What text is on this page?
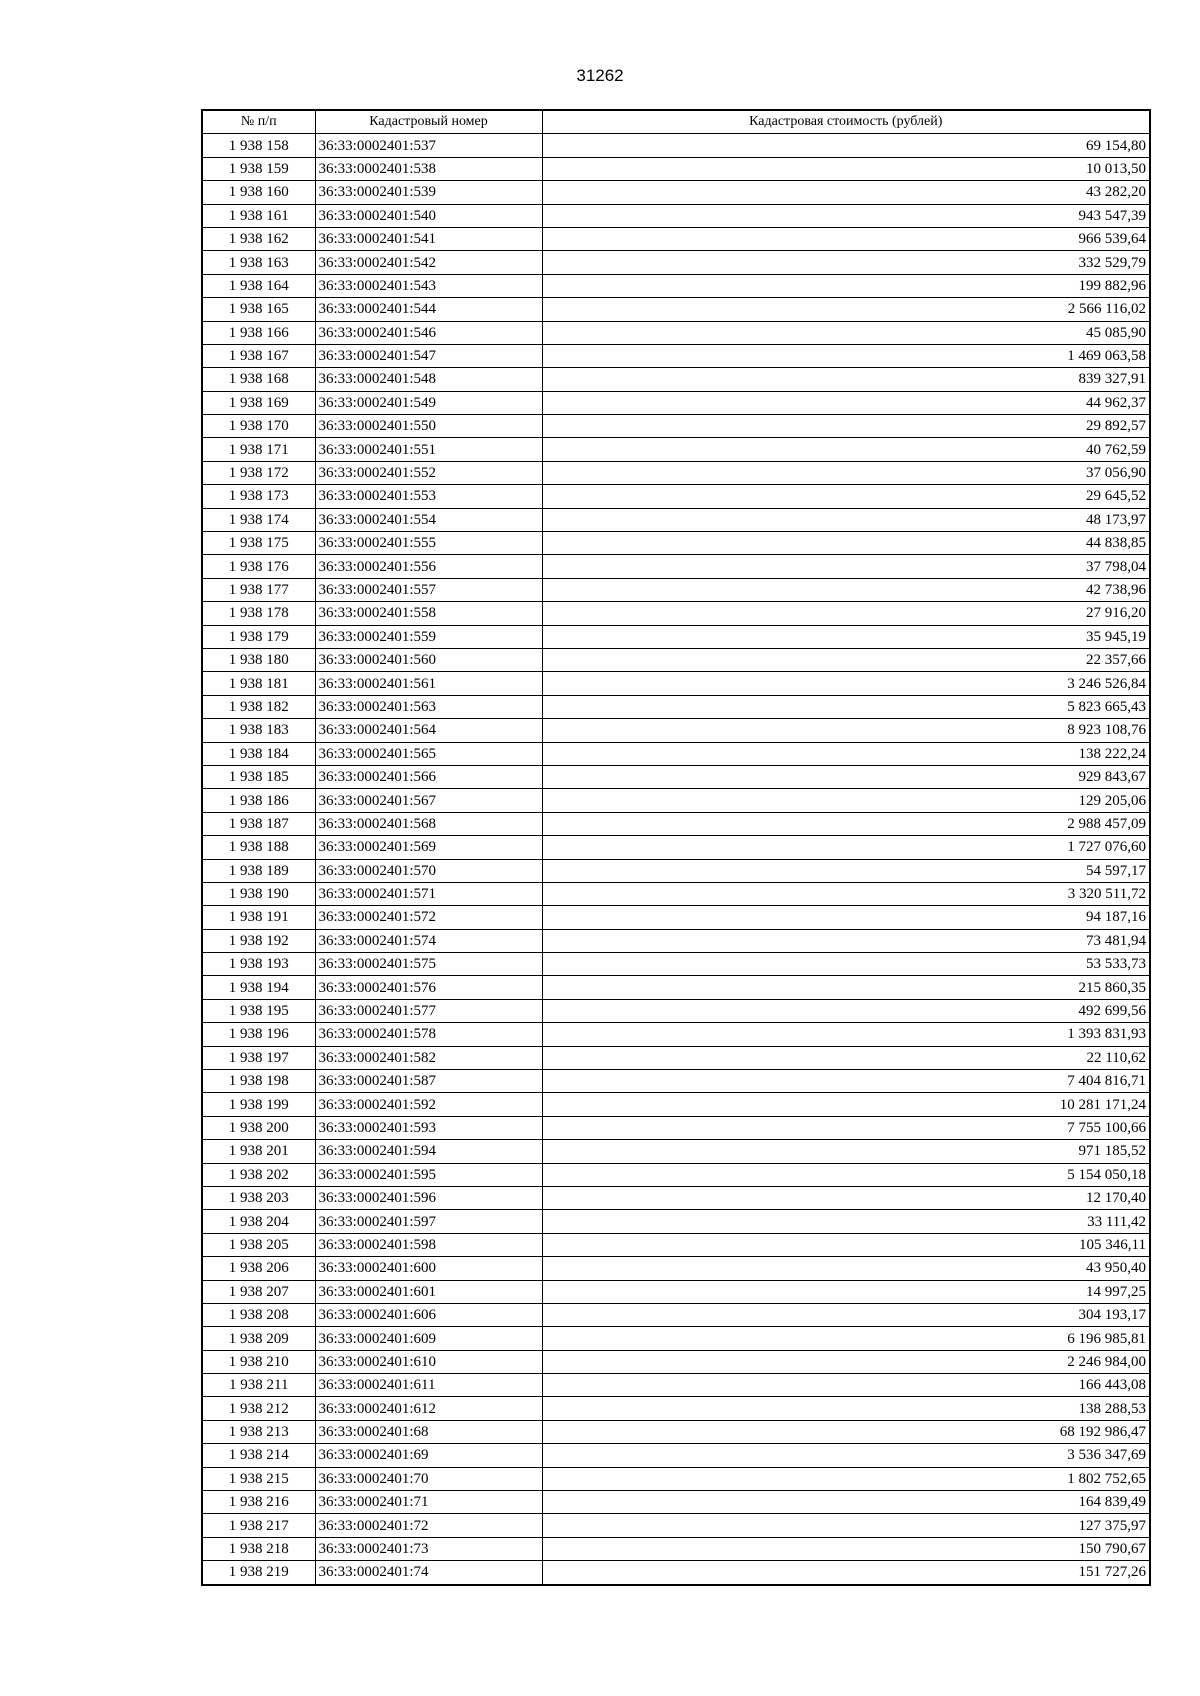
31262
№ п/п	Кадастровый номер	Кадастровая стоимость (рублей)
1 938 158	36:33:0002401:537	69 154,80
1 938 159	36:33:0002401:538	10 013,50
1 938 160	36:33:0002401:539	43 282,20
1 938 161	36:33:0002401:540	943 547,39
1 938 162	36:33:0002401:541	966 539,64
1 938 163	36:33:0002401:542	332 529,79
1 938 164	36:33:0002401:543	199 882,96
1 938 165	36:33:0002401:544	2 566 116,02
1 938 166	36:33:0002401:546	45 085,90
1 938 167	36:33:0002401:547	1 469 063,58
1 938 168	36:33:0002401:548	839 327,91
1 938 169	36:33:0002401:549	44 962,37
1 938 170	36:33:0002401:550	29 892,57
1 938 171	36:33:0002401:551	40 762,59
1 938 172	36:33:0002401:552	37 056,90
1 938 173	36:33:0002401:553	29 645,52
1 938 174	36:33:0002401:554	48 173,97
1 938 175	36:33:0002401:555	44 838,85
1 938 176	36:33:0002401:556	37 798,04
1 938 177	36:33:0002401:557	42 738,96
1 938 178	36:33:0002401:558	27 916,20
1 938 179	36:33:0002401:559	35 945,19
1 938 180	36:33:0002401:560	22 357,66
1 938 181	36:33:0002401:561	3 246 526,84
1 938 182	36:33:0002401:563	5 823 665,43
1 938 183	36:33:0002401:564	8 923 108,76
1 938 184	36:33:0002401:565	138 222,24
1 938 185	36:33:0002401:566	929 843,67
1 938 186	36:33:0002401:567	129 205,06
1 938 187	36:33:0002401:568	2 988 457,09
1 938 188	36:33:0002401:569	1 727 076,60
1 938 189	36:33:0002401:570	54 597,17
1 938 190	36:33:0002401:571	3 320 511,72
1 938 191	36:33:0002401:572	94 187,16
1 938 192	36:33:0002401:574	73 481,94
1 938 193	36:33:0002401:575	53 533,73
1 938 194	36:33:0002401:576	215 860,35
1 938 195	36:33:0002401:577	492 699,56
1 938 196	36:33:0002401:578	1 393 831,93
1 938 197	36:33:0002401:582	22 110,62
1 938 198	36:33:0002401:587	7 404 816,71
1 938 199	36:33:0002401:592	10 281 171,24
1 938 200	36:33:0002401:593	7 755 100,66
1 938 201	36:33:0002401:594	971 185,52
1 938 202	36:33:0002401:595	5 154 050,18
1 938 203	36:33:0002401:596	12 170,40
1 938 204	36:33:0002401:597	33 111,42
1 938 205	36:33:0002401:598	105 346,11
1 938 206	36:33:0002401:600	43 950,40
1 938 207	36:33:0002401:601	14 997,25
1 938 208	36:33:0002401:606	304 193,17
1 938 209	36:33:0002401:609	6 196 985,81
1 938 210	36:33:0002401:610	2 246 984,00
1 938 211	36:33:0002401:611	166 443,08
1 938 212	36:33:0002401:612	138 288,53
1 938 213	36:33:0002401:68	68 192 986,47
1 938 214	36:33:0002401:69	3 536 347,69
1 938 215	36:33:0002401:70	1 802 752,65
1 938 216	36:33:0002401:71	164 839,49
1 938 217	36:33:0002401:72	127 375,97
1 938 218	36:33:0002401:73	150 790,67
1 938 219	36:33:0002401:74	151 727,26
